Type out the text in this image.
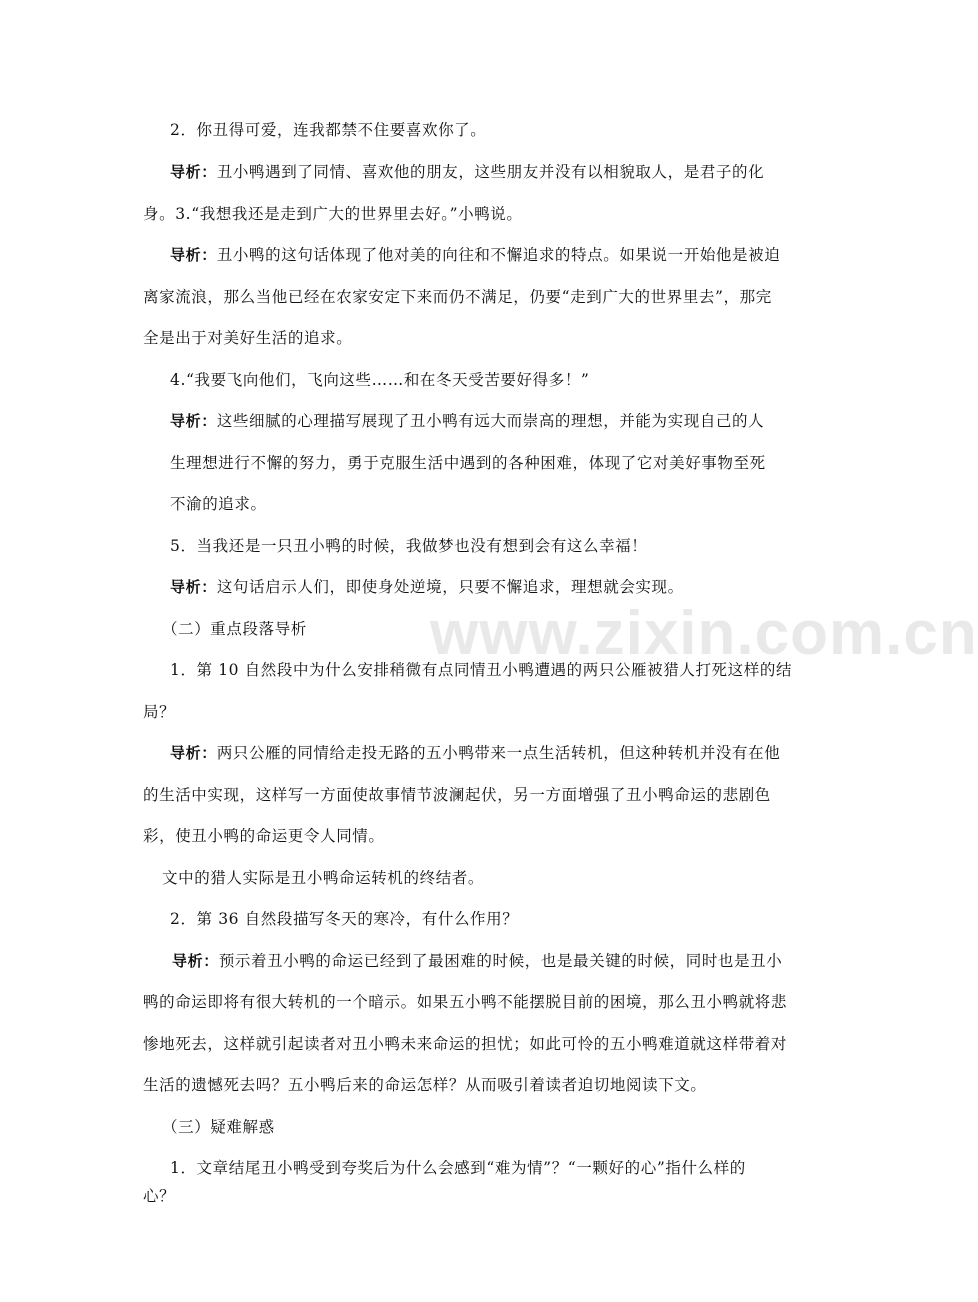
www.zixin.com.cn
2．你丑得可爱，连我都禁不住要喜欢你了。
导析：丑小鸭遇到了同情、喜欢他的朋友，这些朋友并没有以相貌取人，是君子的化
身。3.“我想我还是走到广大的世界里去好。”小鸭说。
导析：丑小鸭的这句话体现了他对美的向往和不懈追求的特点。如果说一开始他是被迫
离家流浪，那么当他已经在农家安定下来而仍不满足，仍要“走到广大的世界里去”，那完
全是出于对美好生活的追求。
4.“我要飞向他们，飞向这些……和在冬天受苦要好得多！”
导析：这些细腻的心理描写展现了丑小鸭有远大而崇高的理想，并能为实现自己的人
生理想进行不懈的努力，勇于克服生活中遇到的各种困难，体现了它对美好事物至死
不渝的追求。
5．当我还是一只丑小鸭的时候，我做梦也没有想到会有这么幸福！
导析：这句话启示人们，即使身处逆境，只要不懈追求，理想就会实现。
（二）重点段落导析
1．第 10 自然段中为什么安排稍微有点同情丑小鸭遭遇的两只公雁被猎人打死这样的结
局？
导析：两只公雁的同情给走投无路的五小鸭带来一点生活转机，但这种转机并没有在他
的生活中实现，这样写一方面使故事情节波澜起伏，另一方面增强了丑小鸭命运的悲剧色
彩，使丑小鸭的命运更令人同情。
文中的猎人实际是丑小鸭命运转机的终结者。
2．第 36 自然段描写冬天的寒冷，有什么作用？
导析：预示着丑小鸭的命运已经到了最困难的时候，也是最关键的时候，同时也是丑小
鸭的命运即将有很大转机的一个暗示。如果五小鸭不能摆脱目前的困境，那么丑小鸭就将悲
惨地死去，这样就引起读者对丑小鸭未来命运的担忧；如此可怜的五小鸭难道就这样带着对
生活的遗憾死去吗？五小鸭后来的命运怎样？从而吸引着读者迫切地阅读下文。
（三）疑难解惑
1．文章结尾丑小鸭受到夸奖后为什么会感到“难为情”？“一颗好的心”指什么样的
心？
